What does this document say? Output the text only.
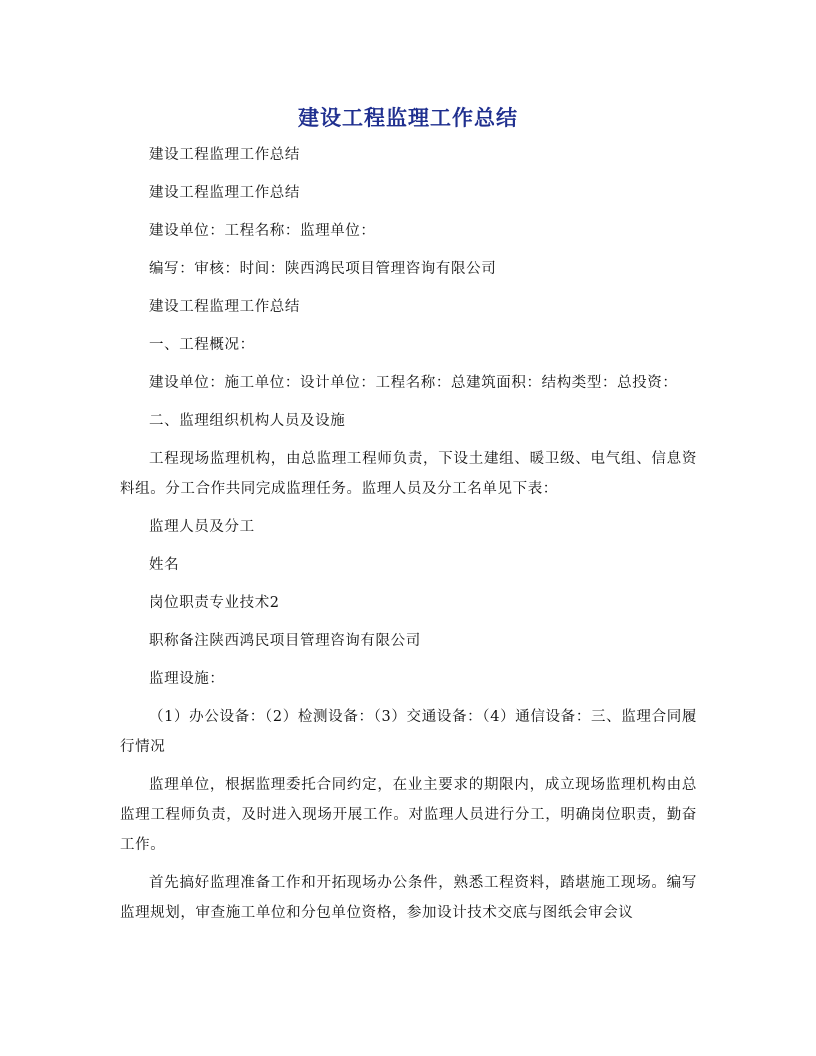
建设工程监理工作总结

建设工程监理工作总结

建设工程监理工作总结

建设单位：工程名称：监理单位：

编写：审核：时间：陕西鸿民项目管理咨询有限公司

建设工程监理工作总结

一、工程概况：

建设单位：施工单位：设计单位：工程名称：总建筑面积：结构类型：总投资：

二、监理组织机构人员及设施

工程现场监理机构，由总监理工程师负责，下设土建组、暖卫级、电气组、信息资料组。分工合作共同完成监理任务。监理人员及分工名单见下表：

监理人员及分工

姓名

岗位职责专业技术2

职称备注陕西鸿民项目管理咨询有限公司

监理设施：

（1）办公设备：（2）检测设备：（3）交通设备：（4）通信设备：三、监理合同履行情况

监理单位，根据监理委托合同约定，在业主要求的期限内，成立现场监理机构由总监理工程师负责，及时进入现场开展工作。对监理人员进行分工，明确岗位职责，勤奋工作。

首先搞好监理准备工作和开拓现场办公条件，熟悉工程资料，踏堪施工现场。编写监理规划，审查施工单位和分包单位资格，参加设计技术交底与图纸会审会议
